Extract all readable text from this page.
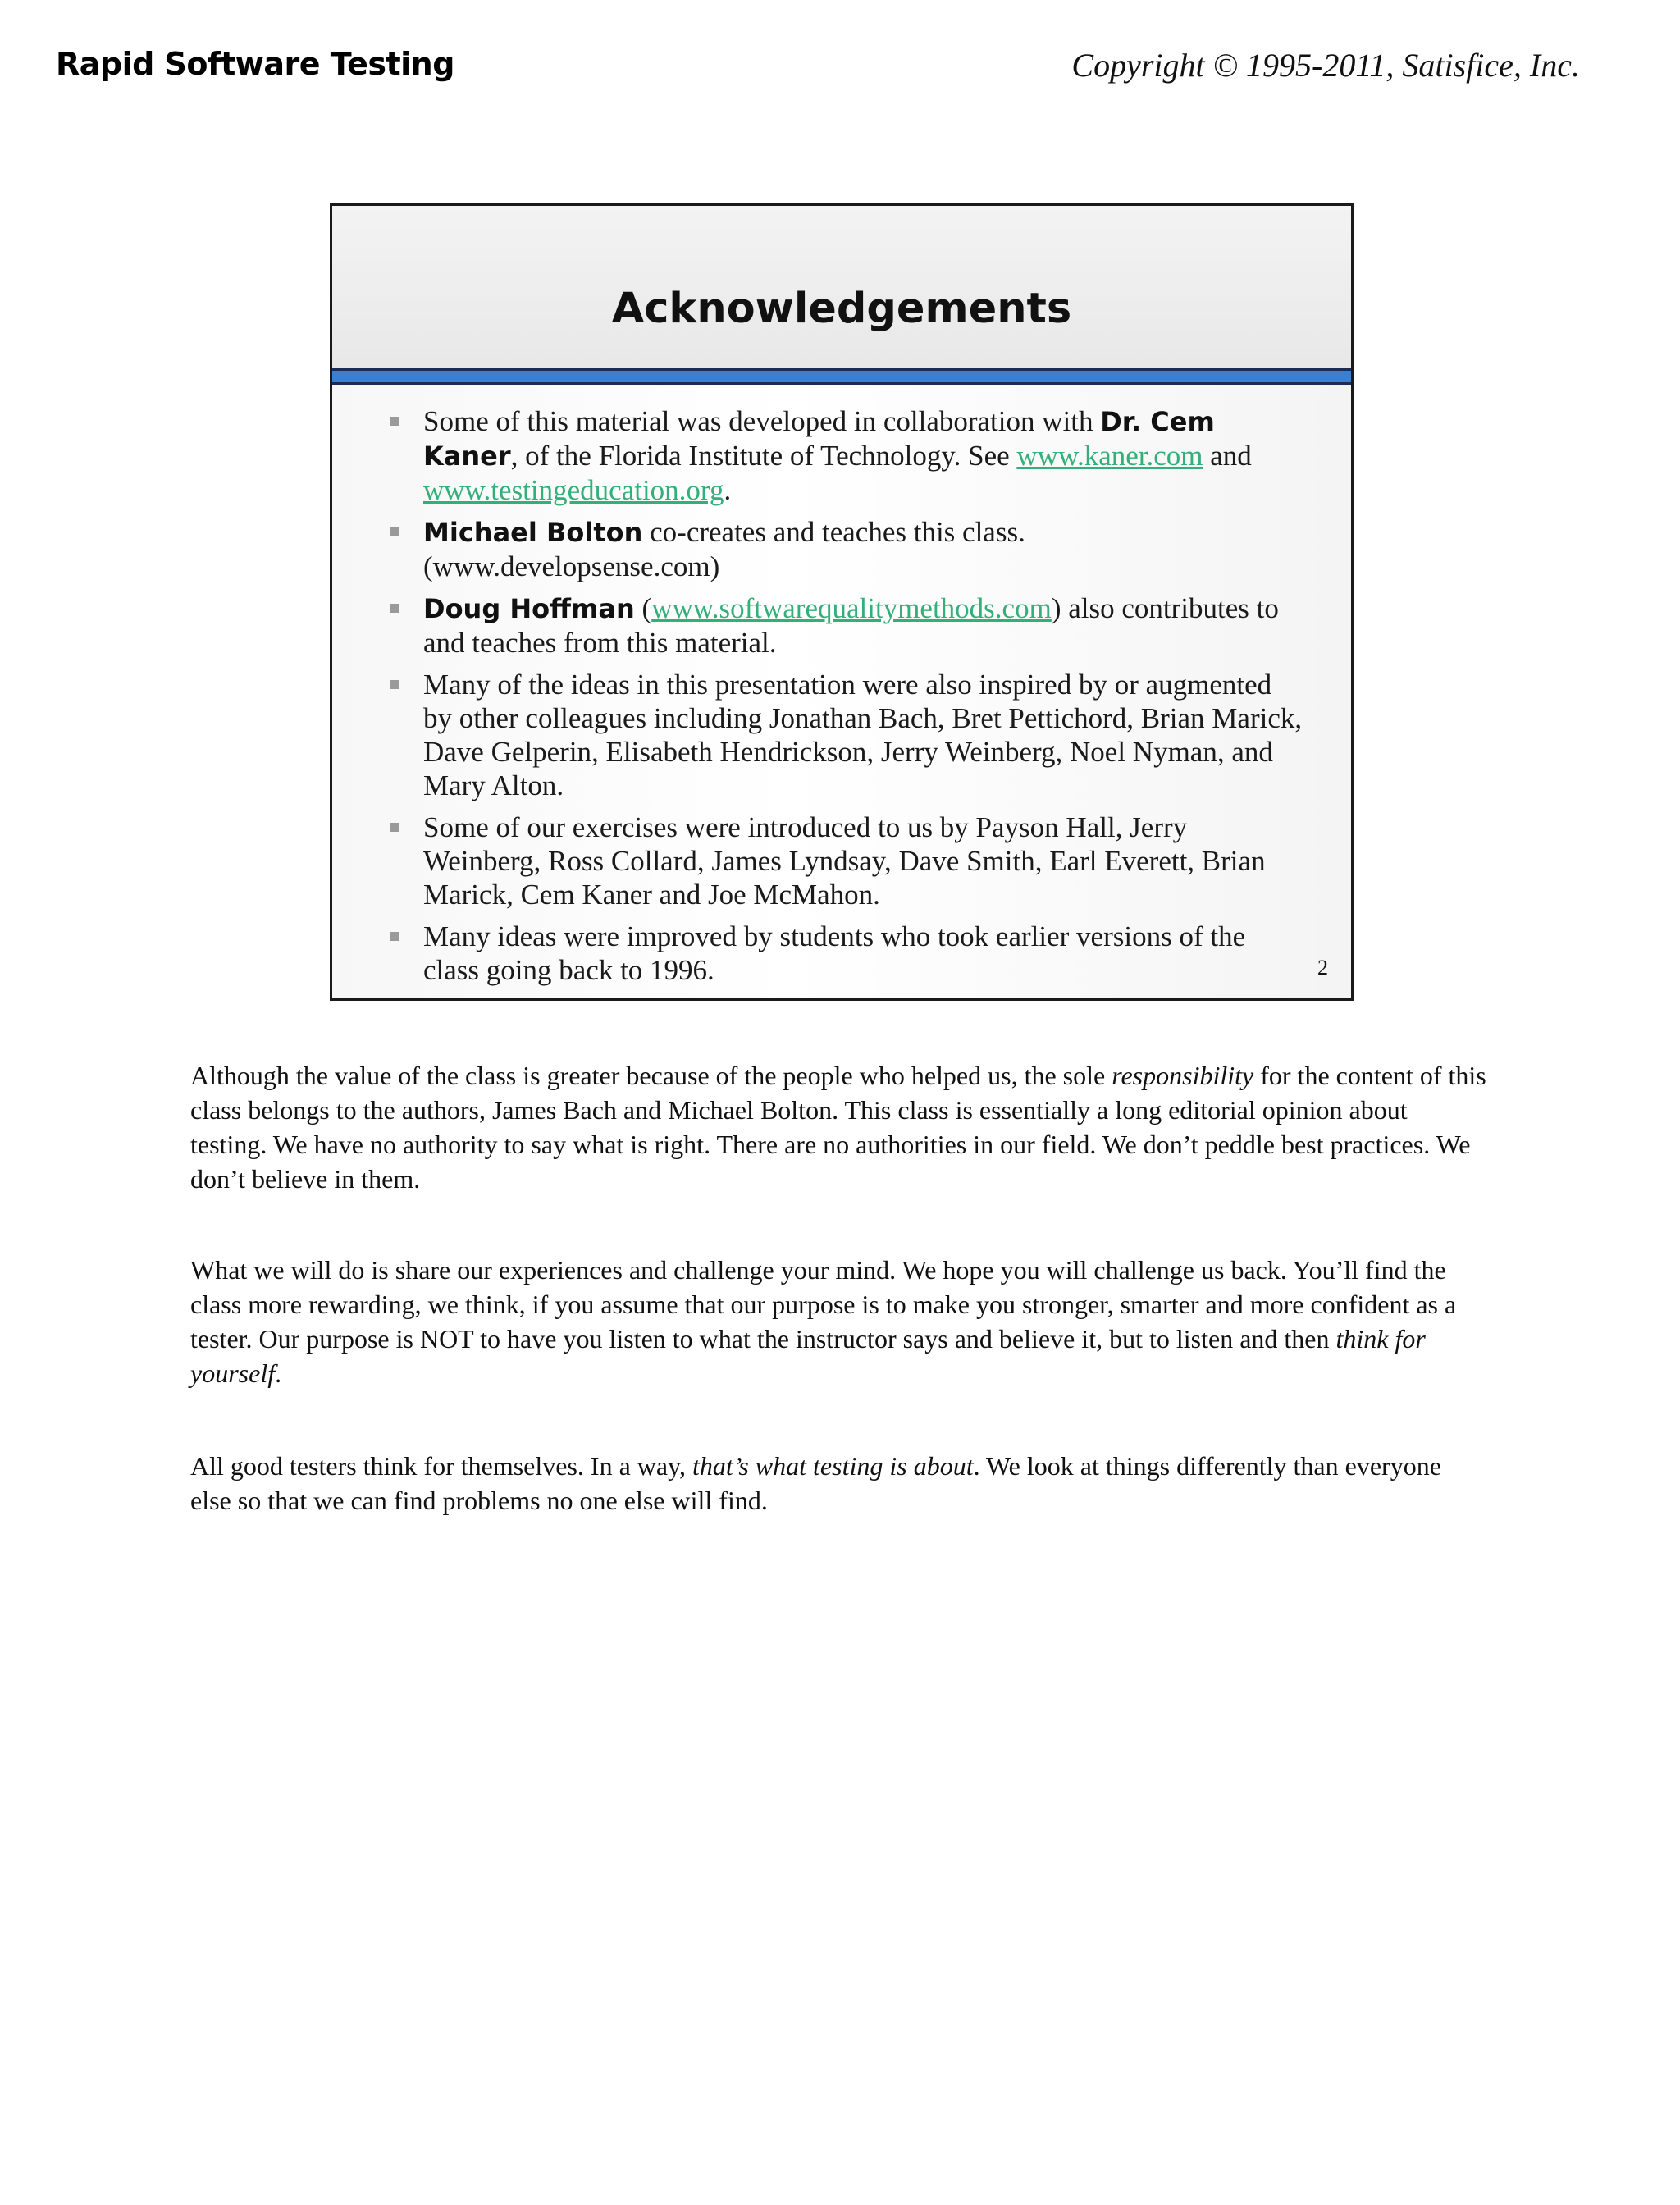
Rapid Software Testing	Copyright © 1995-2011, Satisfice, Inc.
Acknowledgements
Some of this material was developed in collaboration with Dr. Cem Kaner, of the Florida Institute of Technology. See www.kaner.com and www.testingeducation.org.
Michael Bolton co-creates and teaches this class. (www.developsense.com)
Doug Hoffman (www.softwarequalitymethods.com) also contributes to and teaches from this material.
Many of the ideas in this presentation were also inspired by or augmented by other colleagues including Jonathan Bach, Bret Pettichord, Brian Marick, Dave Gelperin, Elisabeth Hendrickson, Jerry Weinberg, Noel Nyman, and Mary Alton.
Some of our exercises were introduced to us by Payson Hall, Jerry Weinberg, Ross Collard, James Lyndsay, Dave Smith, Earl Everett, Brian Marick, Cem Kaner and Joe McMahon.
Many ideas were improved by students who took earlier versions of the class going back to 1996.	2

Although the value of the class is greater because of the people who helped us, the sole responsibility for the content of this class belongs to the authors, James Bach and Michael Bolton. This class is essentially a long editorial opinion about testing. We have no authority to say what is right. There are no authorities in our field. We don’t peddle best practices. We don’t believe in them.

What we will do is share our experiences and challenge your mind. We hope you will challenge us back. You’ll find the class more rewarding, we think, if you assume that our purpose is to make you stronger, smarter and more confident as a tester. Our purpose is NOT to have you listen to what the instructor says and believe it, but to listen and then think for yourself.

All good testers think for themselves. In a way, that’s what testing is about. We look at things differently than everyone else so that we can find problems no one else will find.
